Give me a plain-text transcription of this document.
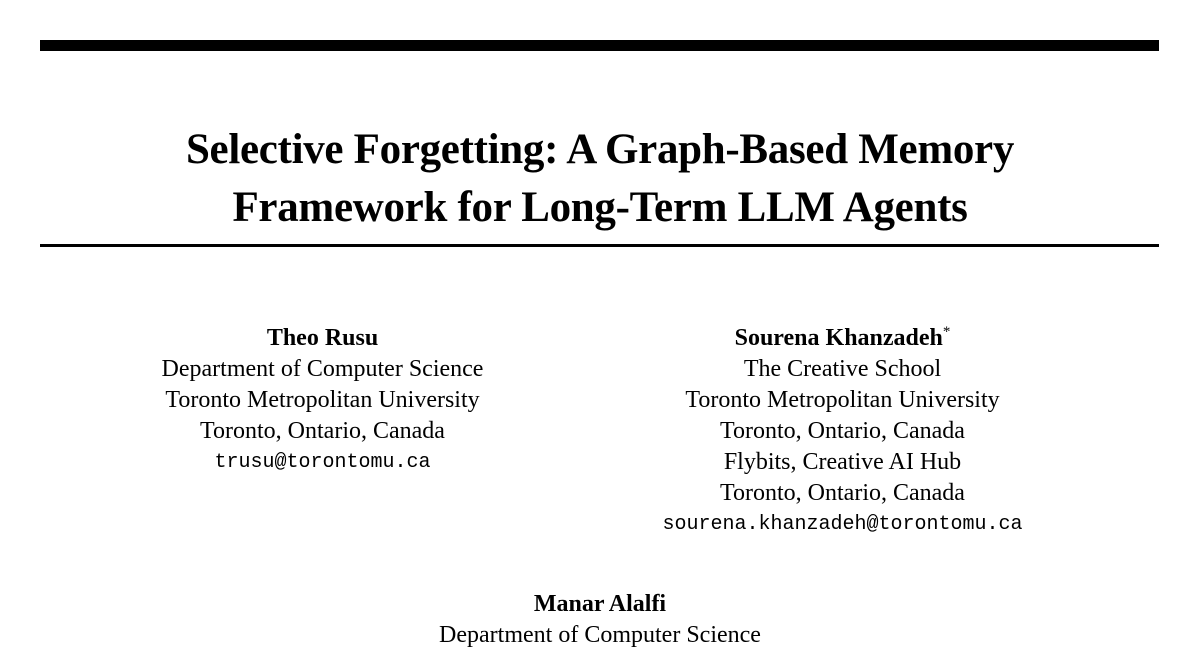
Selective Forgetting: A Graph-Based Memory
Framework for Long-Term LLM Agents
Theo Rusu
Department of Computer Science
Toronto Metropolitan University
Toronto, Ontario, Canada
trusu@torontomu.ca
Sourena Khanzadeh*
The Creative School
Toronto Metropolitan University
Toronto, Ontario, Canada
Flybits, Creative AI Hub
Toronto, Ontario, Canada
sourena.khanzadeh@torontomu.ca
Manar Alalfi
Department of Computer Science
